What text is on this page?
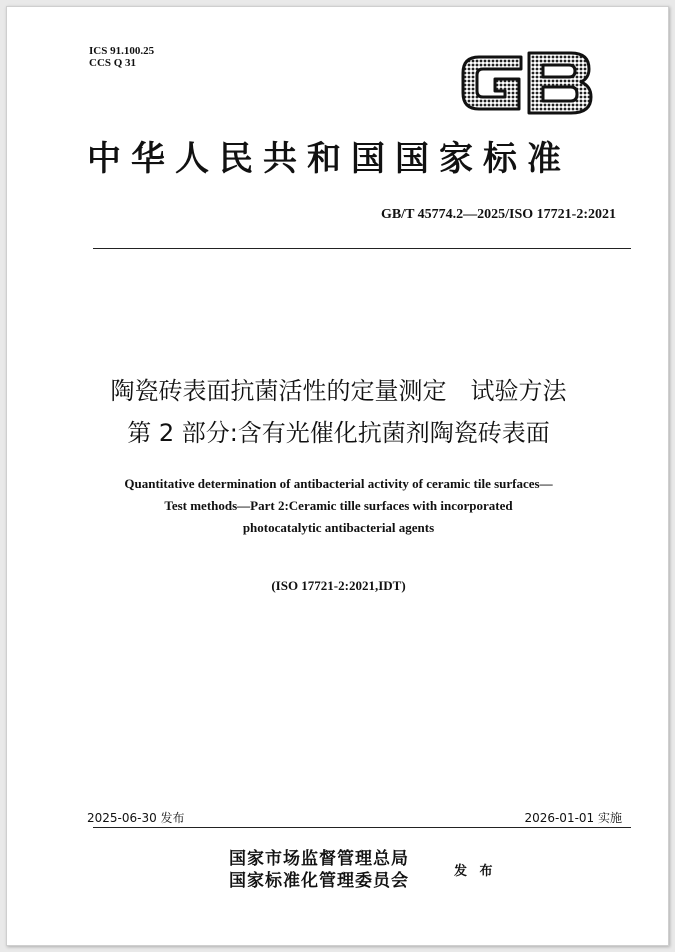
ICS 91.100.25
CCS Q 31
中华人民共和国国家标准
GB/T 45774.2—2025/ISO 17721-2:2021
陶瓷砖表面抗菌活性的定量测定　试验方法
第 2 部分:含有光催化抗菌剂陶瓷砖表面
Quantitative determination of antibacterial activity of ceramic tile surfaces—
Test methods—Part 2:Ceramic tille surfaces with incorporated
photocatalytic antibacterial agents
(ISO 17721-2:2021,IDT)
2025-06-30 发布	2026-01-01 实施
国家市场监督管理总局
国家标准化管理委员会	发 布
